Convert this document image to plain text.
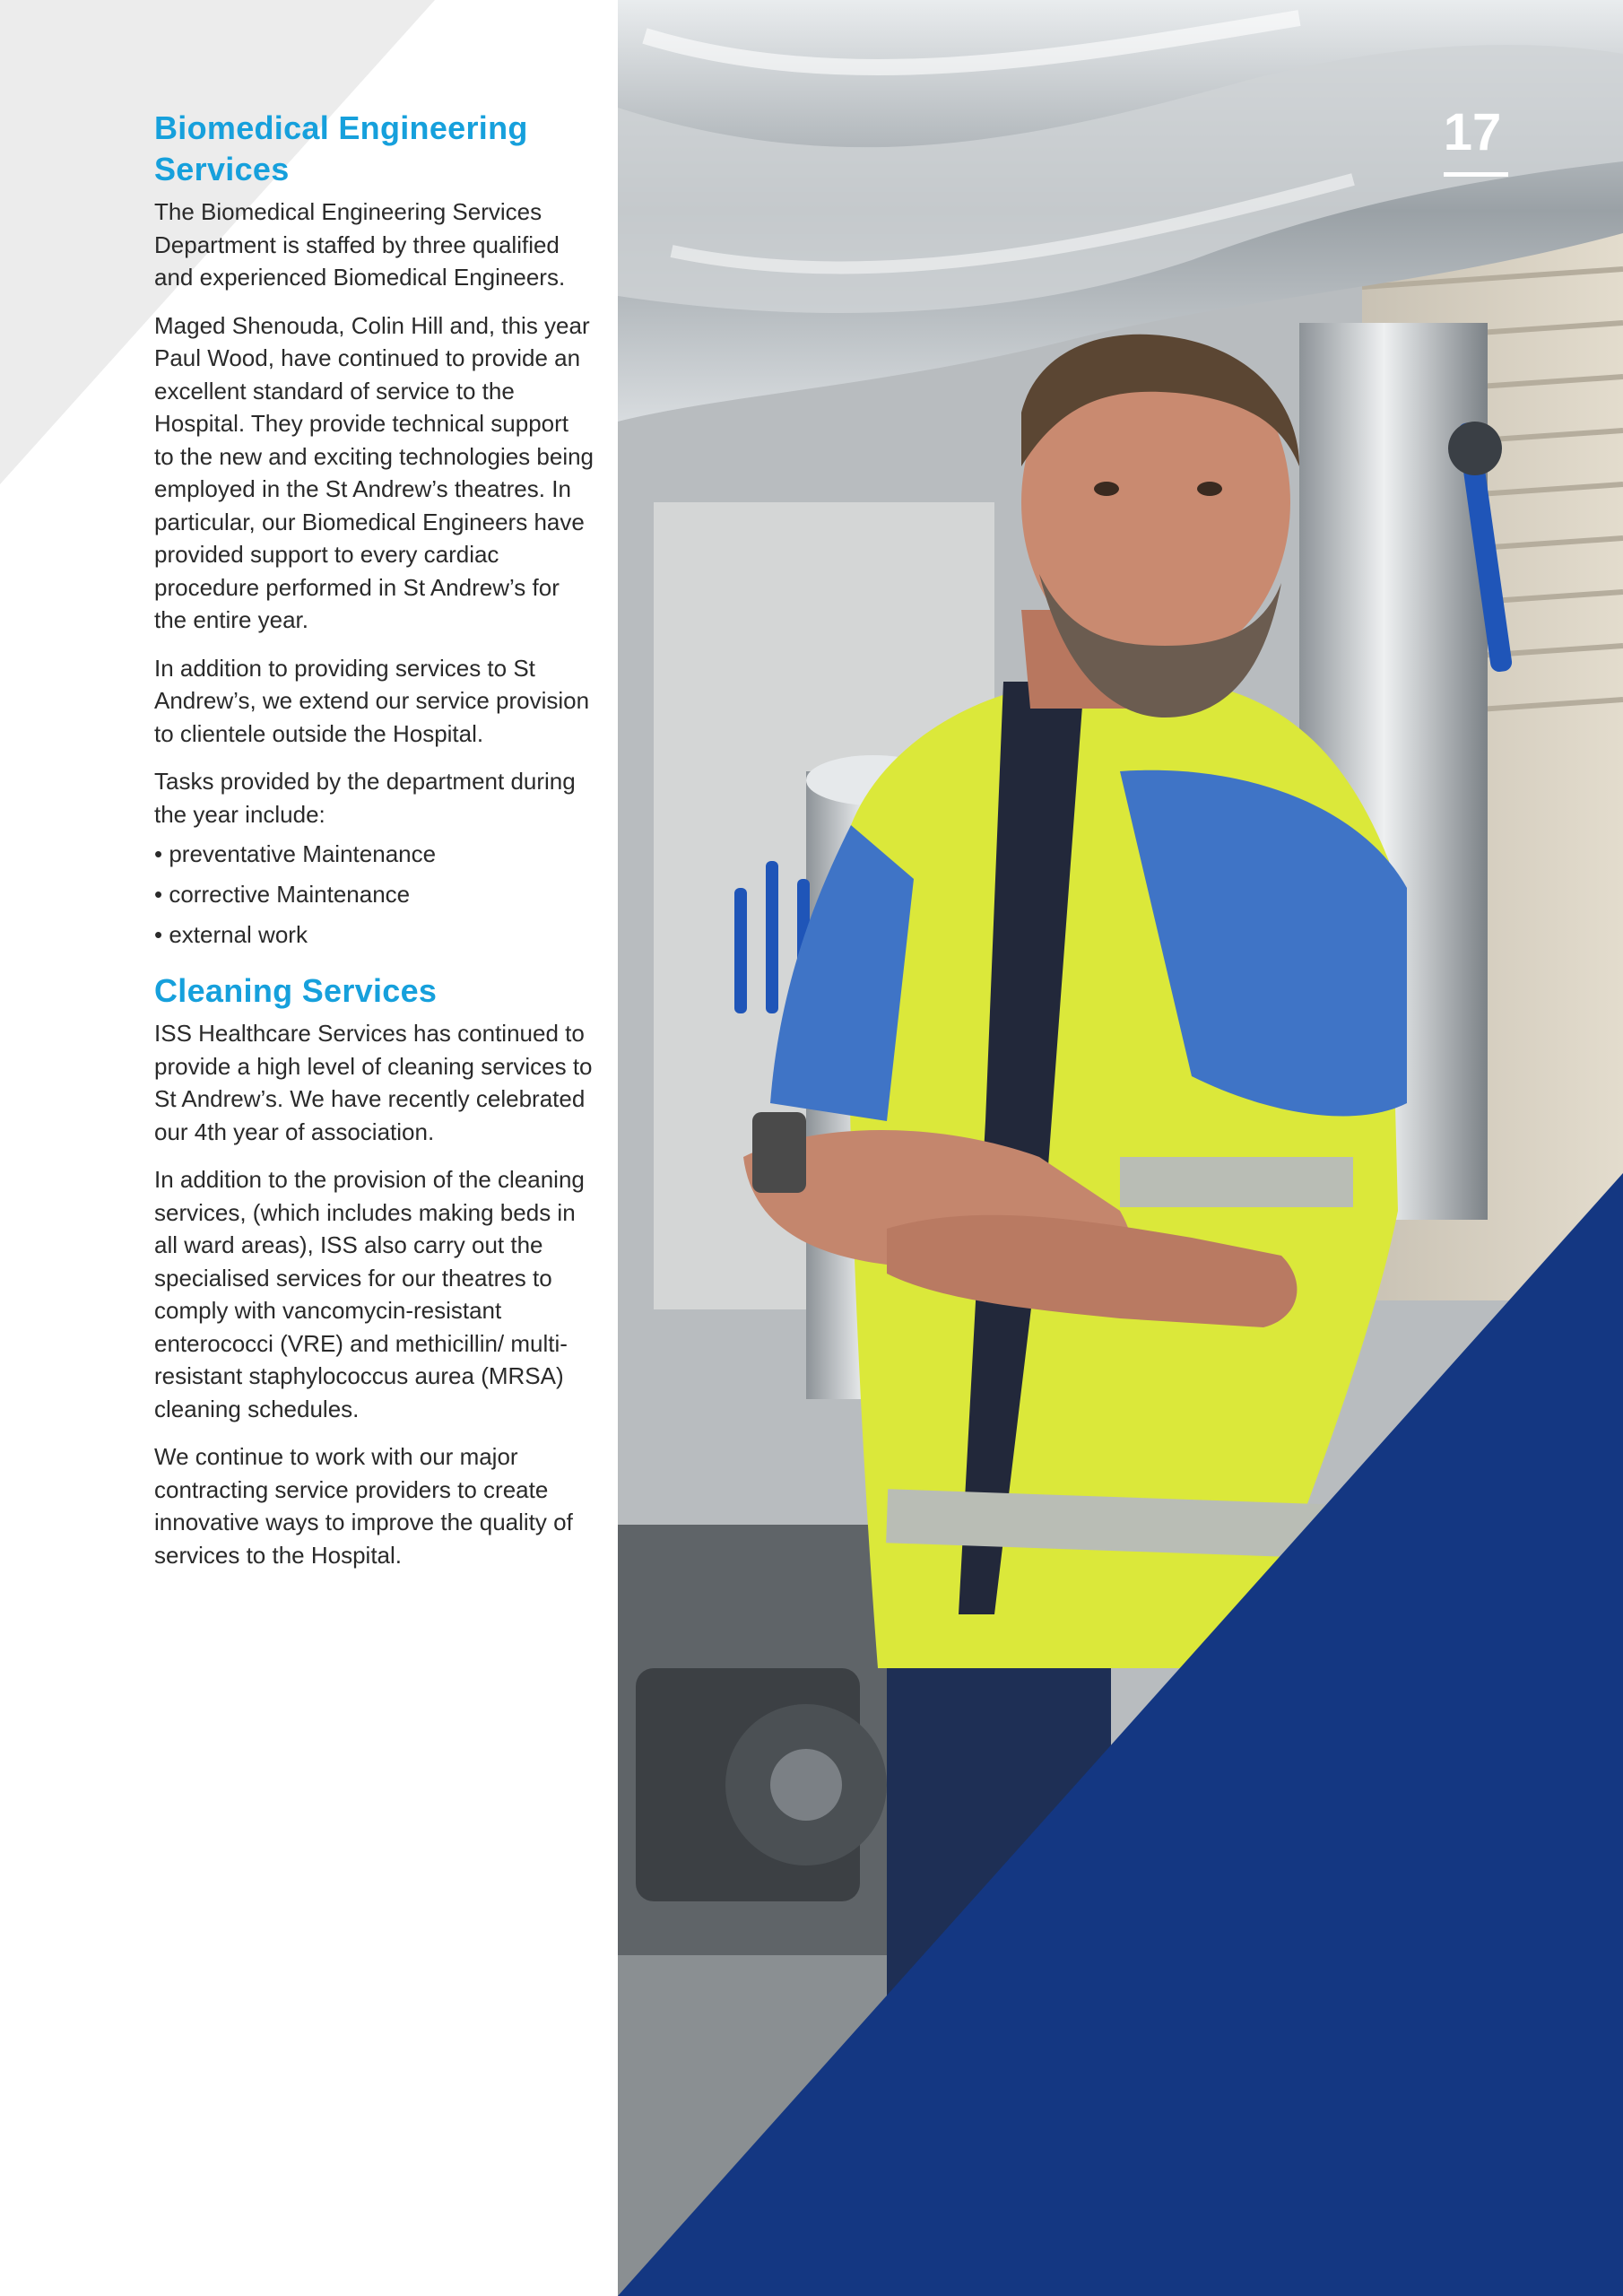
Biomedical Engineering Services

The Biomedical Engineering Services Department is staffed by three qualified and experienced Biomedical Engineers.

Maged Shenouda, Colin Hill and, this year Paul Wood, have continued to provide an excellent standard of service to the Hospital. They provide technical support to the new and exciting technologies being employed in the St Andrew’s theatres. In particular, our Biomedical Engineers have provided support to every cardiac procedure performed in St Andrew’s for the entire year.

In addition to providing services to St Andrew’s, we extend our service provision to clientele outside the Hospital.

Tasks provided by the department during the year include:

• preventative Maintenance
• corrective Maintenance
• external work
Cleaning Services

ISS Healthcare Services has continued to provide a high level of cleaning services to St Andrew’s. We have recently celebrated our 4th year of association.

In addition to the provision of the cleaning services, (which includes making beds in all ward areas), ISS also carry out the specialised services for our theatres to comply with vancomycin-resistant enterococci (VRE) and methicillin/ multi-resistant staphylococcus aurea (MRSA) cleaning schedules.

We continue to work with our major contracting service providers to create innovative ways to improve the quality of services to the Hospital.

17
